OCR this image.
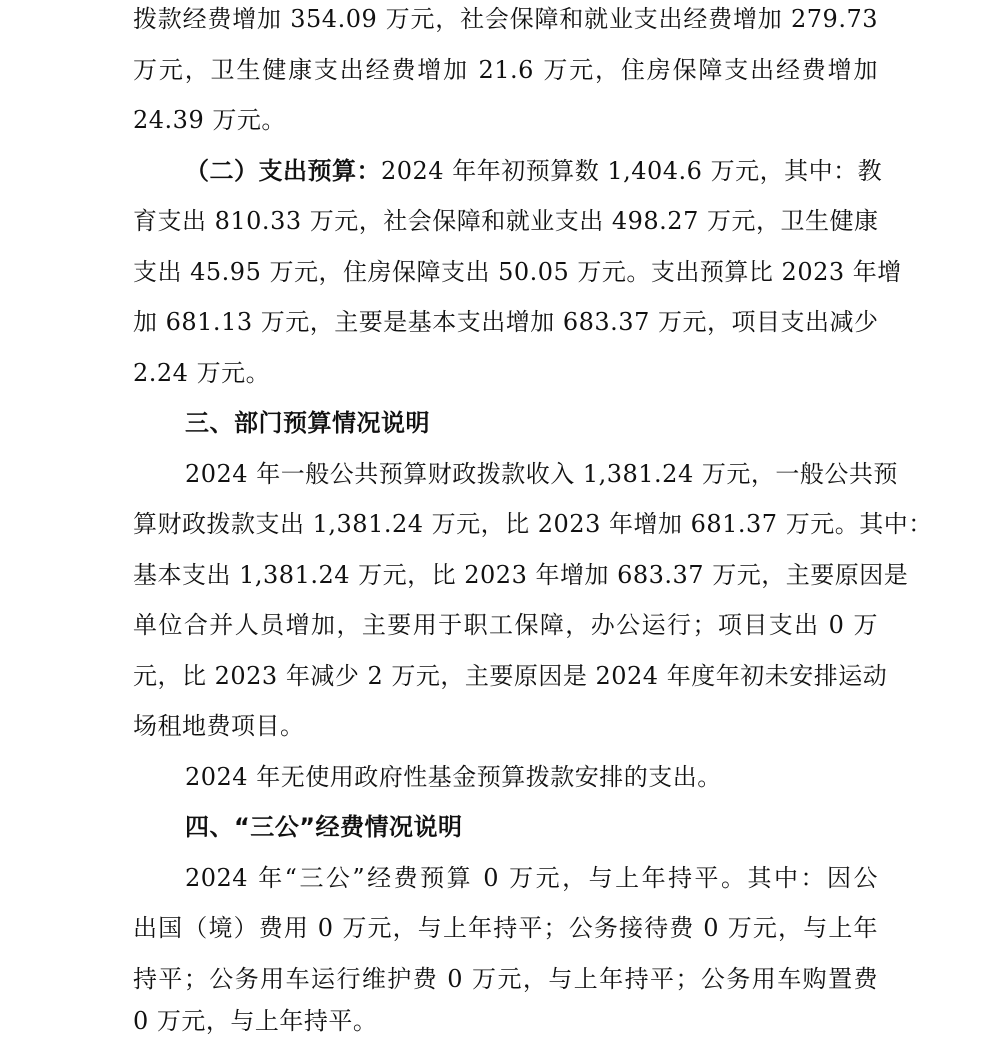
拨款经费增加 354.09 万元，社会保障和就业支出经费增加 279.73
万元，卫生健康支出经费增加 21.6 万元，住房保障支出经费增加
24.39 万元。
（二）支出预算：2024 年年初预算数 1,404.6 万元，其中：教
育支出 810.33 万元，社会保障和就业支出 498.27 万元，卫生健康
支出 45.95 万元，住房保障支出 50.05 万元。支出预算比 2023 年增
加 681.13 万元，主要是基本支出增加 683.37 万元，项目支出减少
2.24 万元。
三、部门预算情况说明
2024 年一般公共预算财政拨款收入 1,381.24 万元，一般公共预
算财政拨款支出 1,381.24 万元，比 2023 年增加 681.37 万元。其中：
基本支出 1,381.24 万元，比 2023 年增加 683.37 万元，主要原因是
单位合并人员增加，主要用于职工保障，办公运行；项目支出 0 万
元，比 2023 年减少 2 万元，主要原因是 2024 年度年初未安排运动
场租地费项目。
2024 年无使用政府性基金预算拨款安排的支出。
四、“三公”经费情况说明
2024 年“三公”经费预算 0 万元，与上年持平。其中：因公
出国（境）费用 0 万元，与上年持平；公务接待费 0 万元，与上年
持平；公务用车运行维护费 0 万元，与上年持平；公务用车购置费
0 万元，与上年持平。
